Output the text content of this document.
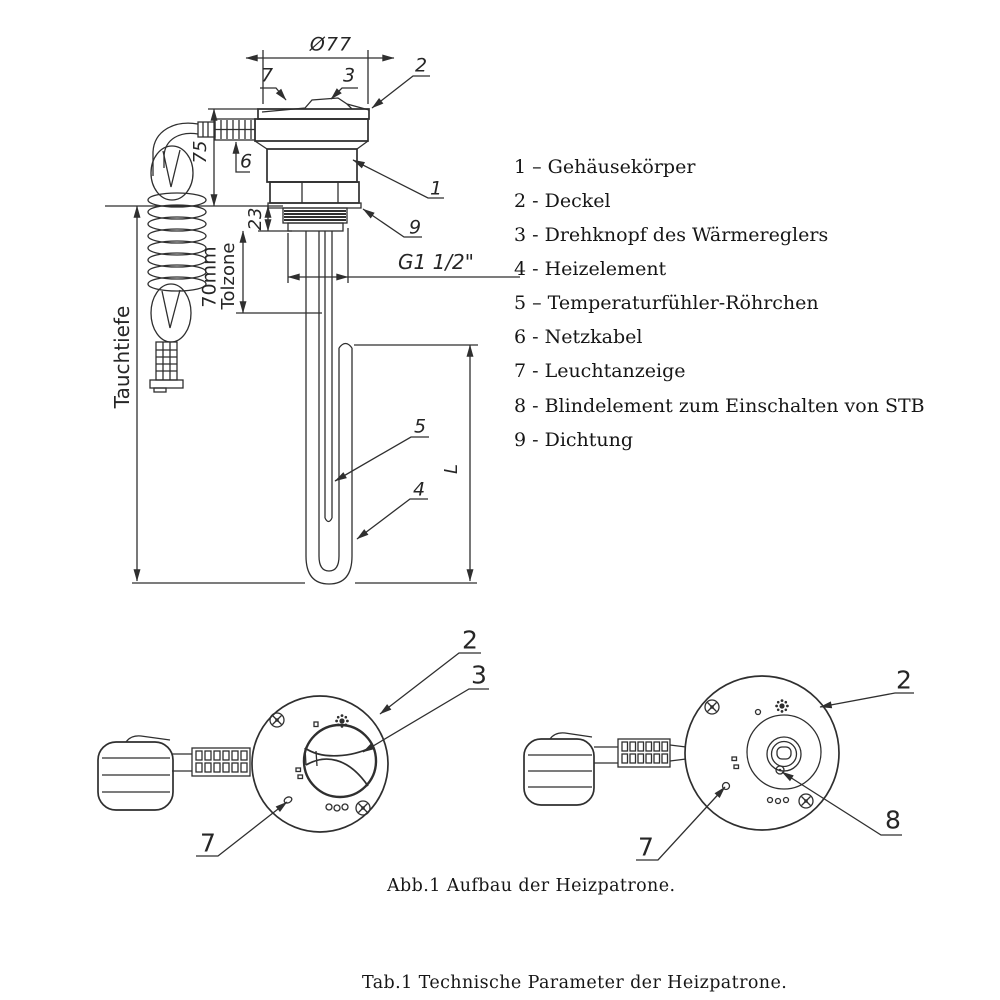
7	3	2
6
1
9
5
4
Ø77
G1 1/2"
75
23
70mm
Tolzone
Tauchtiefe
L
2
3
7
2
8
7
1 – Gehäusekörper
2 - Deckel
3 - Drehknopf des Wärmereglers
4 - Heizelement
5 – Temperaturfühler-Röhrchen
6 - Netzkabel
7 - Leuchtanzeige
8 - Blindelement zum Einschalten von STB
9 - Dichtung
Abb.1 Aufbau der Heizpatrone.
Tab.1 Technische Parameter der Heizpatrone.
